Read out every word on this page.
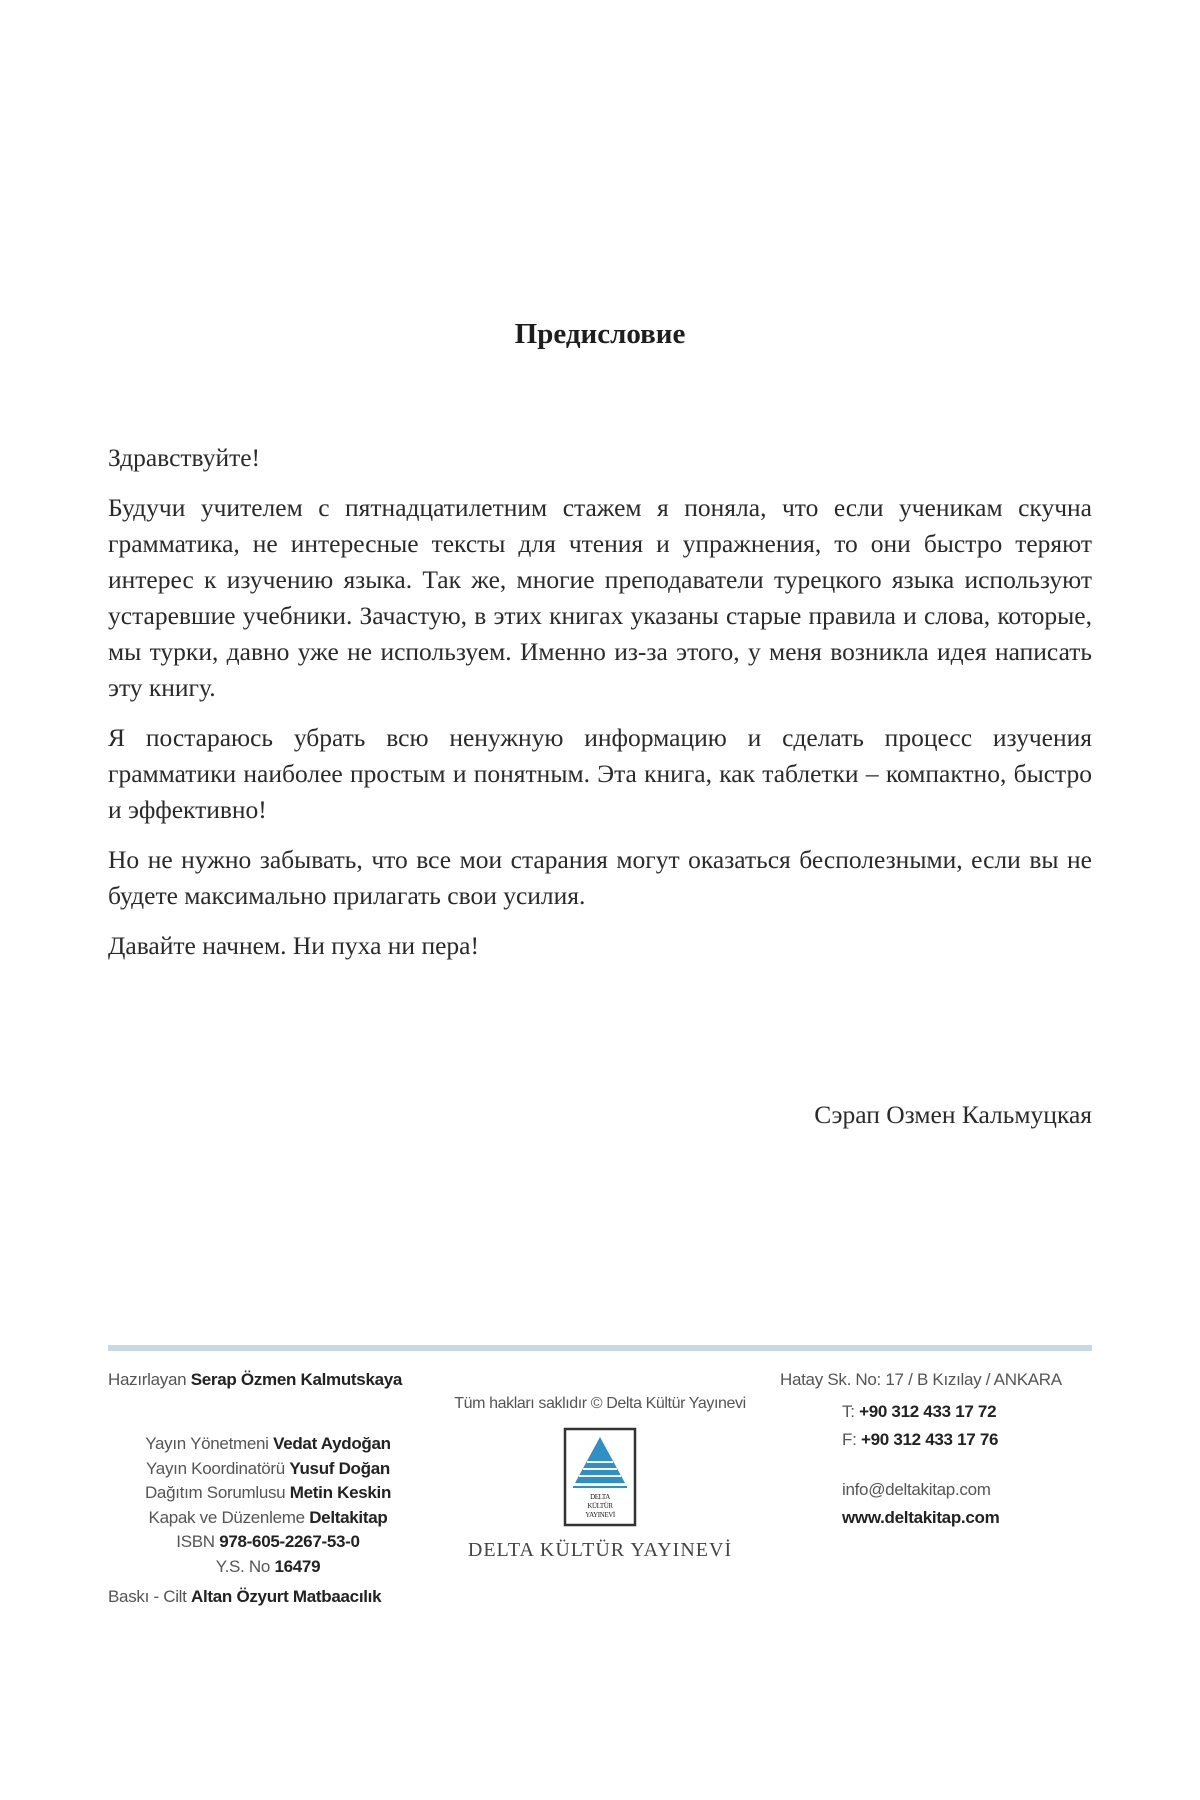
Предисловие

Здравствуйте!

Будучи учителем с пятнадцатилетним стажем я поняла, что если ученикам скучна грамматика, не интересные тексты для чтения и упражнения, то они быстро теряют интерес к изучению языка. Так же, многие преподаватели турецкого языка используют устаревшие учебники. Зачастую, в этих книгах указаны старые правила и слова, которые, мы турки, давно уже не используем. Именно из-за этого, у меня возникла идея написать эту книгу.

Я постараюсь убрать всю ненужную информацию и сделать процесс изучения грамматики наиболее простым и понятным. Эта книга, как таблетки – компактно, быстро и эффективно!

Но не нужно забывать, что все мои старания могут оказаться бесполезными, если вы не будете максимально прилагать свои усилия.

Давайте начнем. Ни пуха ни пера!

Сэрап Озмен Кальмуцкая
Hazırlayan Serap Özmen Kalmutskaya
Yayın Yönetmeni Vedat Aydoğan
Yayın Koordinatörü Yusuf Doğan
Dağıtım Sorumlusu Metin Keskin
Kapak ve Düzenleme Deltakitap
ISBN 978-605-2267-53-0
Y.S. No 16479
Baskı - Cilt Altan Özyurt Matbaacılık
Tüm hakları saklıdır © Delta Kültür Yayınevi
DELTA
KÜLTÜR
YAYINEVİ
DELTA KÜLTÜR YAYINEVİ
Hatay Sk. No: 17 / B Kızılay / ANKARA
T: +90 312 433 17 72
F: +90 312 433 17 76
info@deltakitap.com
www.deltakitap.com
